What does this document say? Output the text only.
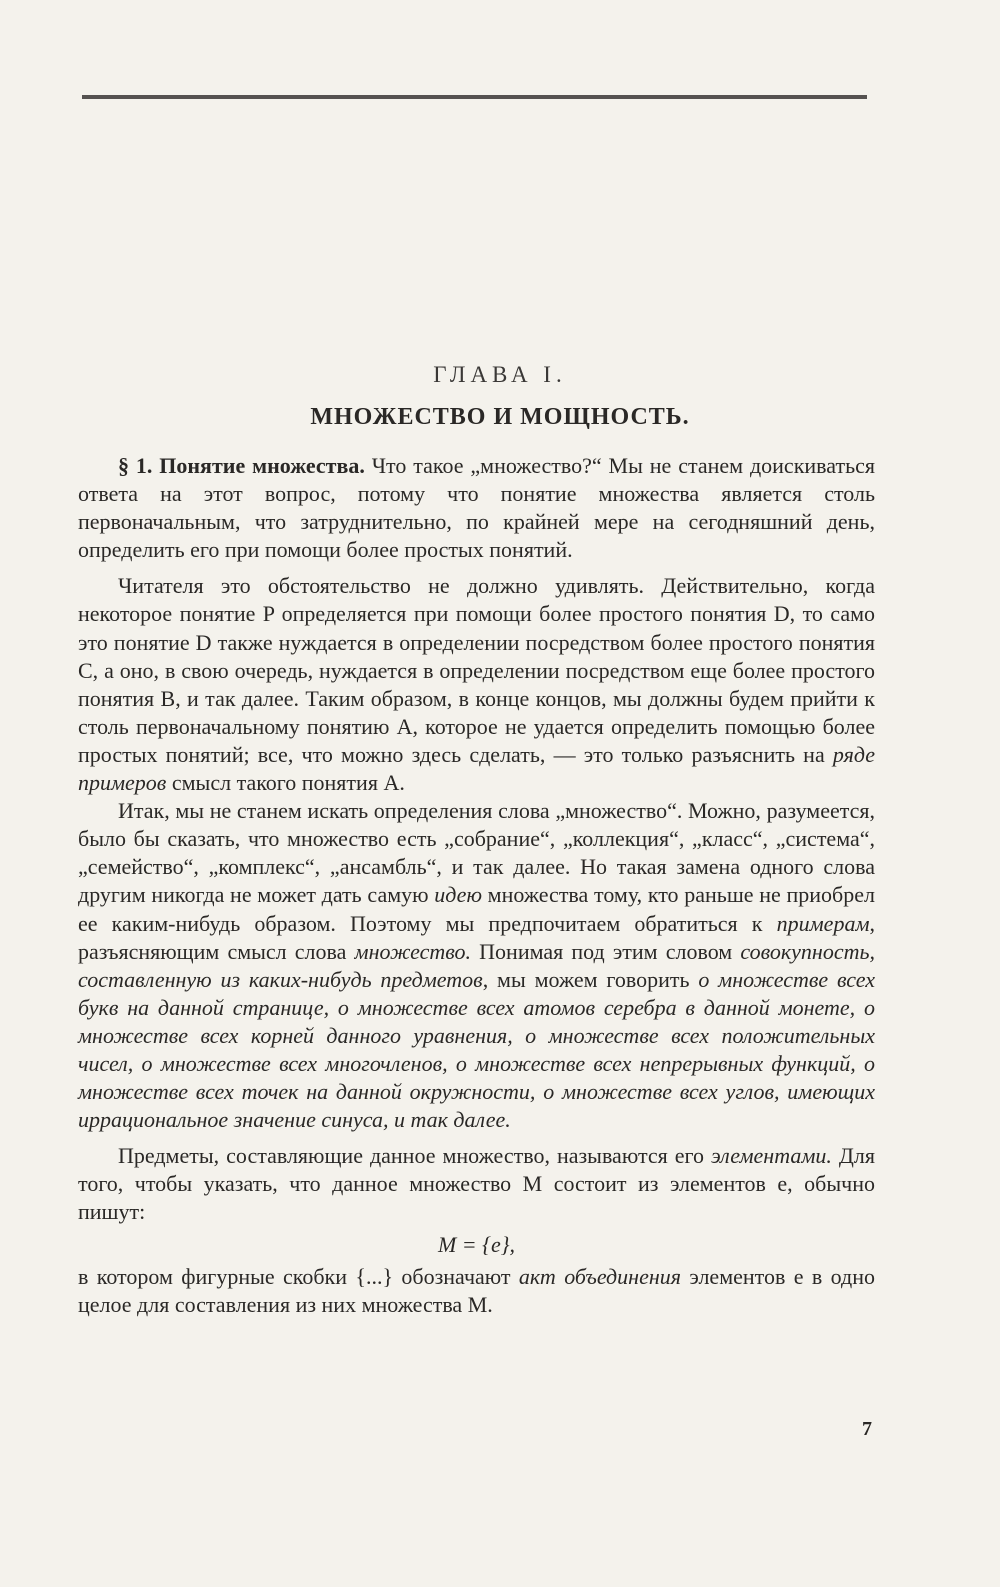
ГЛАВА I.
МНОЖЕСТВО И МОЩНОСТЬ.

§ 1. Понятие множества. Что такое „множество?“ Мы не станем доискиваться ответа на этот вопрос, потому что понятие множества является столь первоначальным, что затруднительно, по крайней мере на сегодняшний день, определить его при помощи более простых понятий.

Читателя это обстоятельство не должно удивлять. Действительно, когда некоторое понятие P определяется при помощи более простого понятия D, то само это понятие D также нуждается в определении посредством более простого понятия C, а оно, в свою очередь, нуждается в определении посредством еще более простого понятия B, и так далее. Таким образом, в конце концов, мы должны будем прийти к столь первоначальному понятию A, которое не удается определить помощью более простых понятий; все, что можно здесь сделать, — это только разъяснить на ряде примеров смысл такого понятия A.

Итак, мы не станем искать определения слова „множество“. Можно, разумеется, было бы сказать, что множество есть „собрание“, „коллекция“, „класс“, „система“, „семейство“, „комплекс“, „ансамбль“, и так далее. Но такая замена одного слова другим никогда не может дать самую идею множества тому, кто раньше не приобрел ее каким-нибудь образом. Поэтому мы предпочитаем обратиться к примерам, разъясняющим смысл слова множество. Понимая под этим словом совокупность, составленную из каких-нибудь предметов, мы можем говорить о множестве всех букв на данной странице, о множестве всех атомов серебра в данной монете, о множестве всех корней данного уравнения, о множестве всех положительных чисел, о множестве всех многочленов, о множестве всех непрерывных функций, о множестве всех точек на данной окружности, о множестве всех углов, имеющих иррациональное значение синуса, и так далее.

Предметы, составляющие данное множество, называются его элементами. Для того, чтобы указать, что данное множество M состоит из элементов e, обычно пишут:

M = {e},

в котором фигурные скобки {...} обозначают акт объединения элементов e в одно целое для составления из них множества M.

7
